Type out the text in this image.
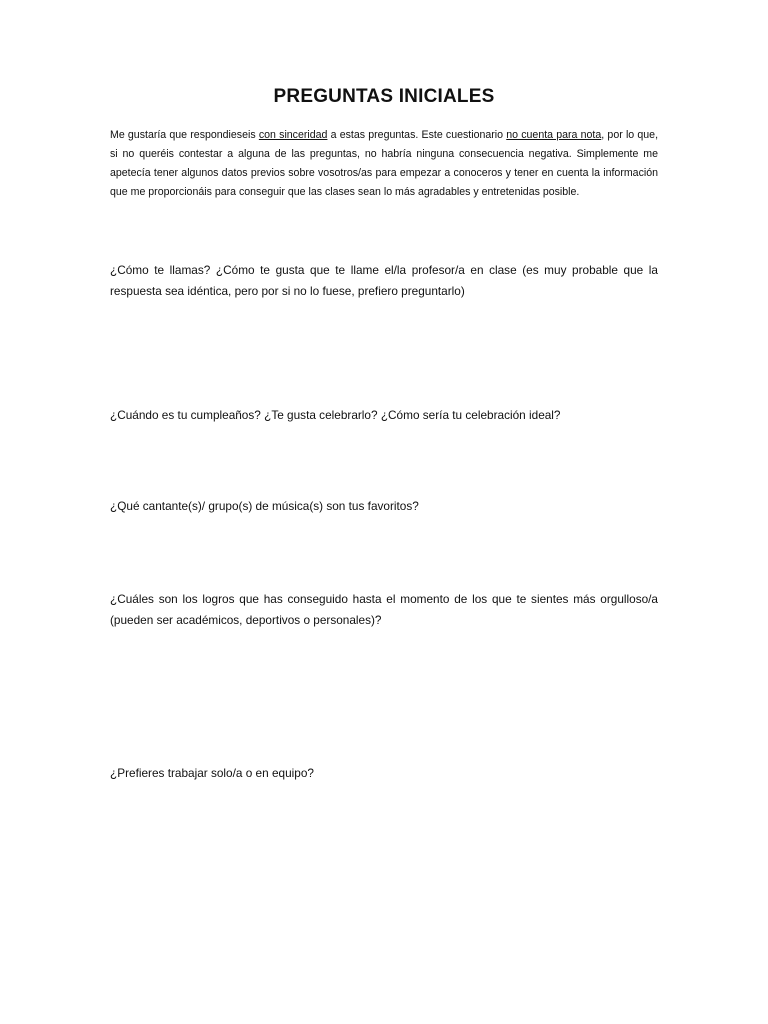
PREGUNTAS INICIALES

Me gustaría que respondieseis con sinceridad a estas preguntas. Este cuestionario no cuenta para nota, por lo que, si no queréis contestar a alguna de las preguntas, no habría ninguna consecuencia negativa. Simplemente me apetecía tener algunos datos previos sobre vosotros/as para empezar a conoceros y tener en cuenta la información que me proporcionáis para conseguir que las clases sean lo más agradables y entretenidas posible.

¿Cómo te llamas? ¿Cómo te gusta que te llame el/la profesor/a en clase (es muy probable que la respuesta sea idéntica, pero por si no lo fuese, prefiero preguntarlo)

¿Cuándo es tu cumpleaños? ¿Te gusta celebrarlo? ¿Cómo sería tu celebración ideal?

¿Qué cantante(s)/ grupo(s) de música(s) son tus favoritos?

¿Cuáles son los logros que has conseguido hasta el momento de los que te sientes más orgulloso/a (pueden ser académicos, deportivos o personales)?

¿Prefieres trabajar solo/a o en equipo?
